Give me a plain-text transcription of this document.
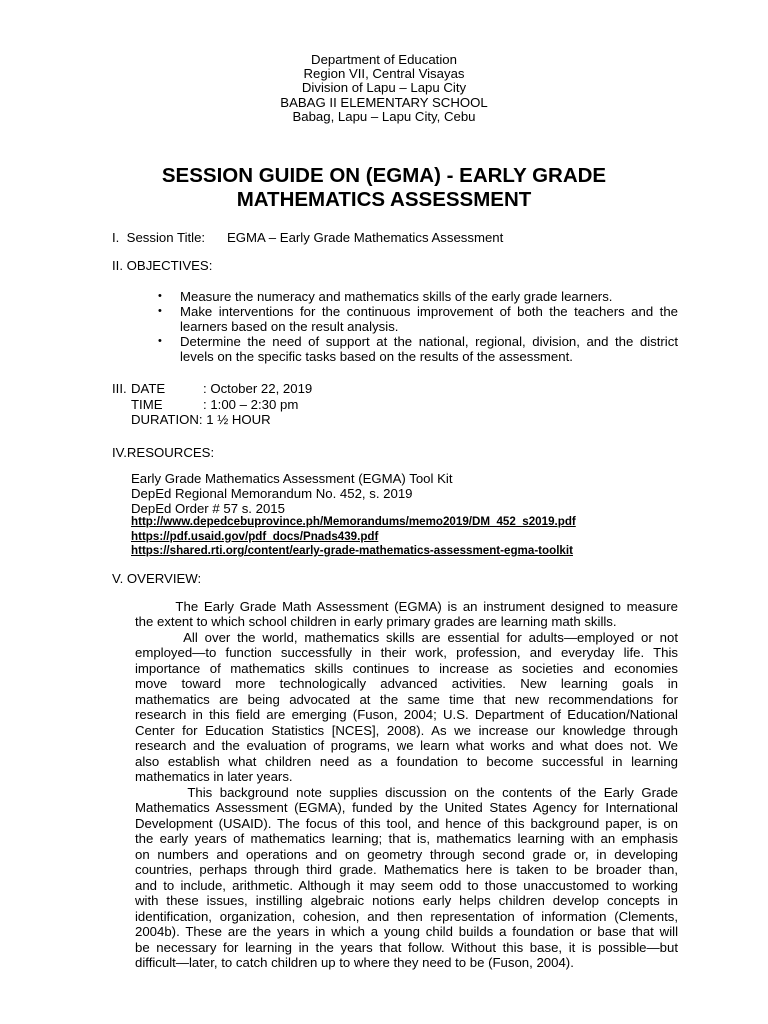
Department of Education
Region VII, Central Visayas
Division of Lapu – Lapu City
BABAG II ELEMENTARY SCHOOL
Babag, Lapu – Lapu City, Cebu
SESSION GUIDE ON (EGMA) - EARLY GRADE
MATHEMATICS ASSESSMENT
I.  Session Title: EGMA – Early Grade Mathematics Assessment
II. OBJECTIVES:
• Measure the numeracy and mathematics skills of the early grade learners.
• Make interventions for the continuous improvement of both the teachers and the
learners based on the result analysis.
• Determine the need of support at the national, regional, division, and the district
levels on the specific tasks based on the results of the assessment.
III. DATE	: October 22, 2019
TIME	: 1:00 – 2:30 pm
DURATION: 1 ½ HOUR
IV.RESOURCES:
Early Grade Mathematics Assessment (EGMA) Tool Kit
DepEd Regional Memorandum No. 452, s. 2019
DepEd Order # 57 s. 2015
http://www.depedcebuprovince.ph/Memorandums/memo2019/DM_452_s2019.pdf
https://pdf.usaid.gov/pdf_docs/Pnads439.pdf
https://shared.rti.org/content/early-grade-mathematics-assessment-egma-toolkit
V. OVERVIEW:
The Early Grade Math Assessment (EGMA) is an instrument designed to measure
the extent to which school children in early primary grades are learning math skills.
All over the world, mathematics skills are essential for adults—employed or not
employed—to function successfully in their work, profession, and everyday life. This
importance of mathematics skills continues to increase as societies and economies
move toward more technologically advanced activities. New learning goals in
mathematics are being advocated at the same time that new recommendations for
research in this field are emerging (Fuson, 2004; U.S. Department of Education/National
Center for Education Statistics [NCES], 2008). As we increase our knowledge through
research and the evaluation of programs, we learn what works and what does not. We
also establish what children need as a foundation to become successful in learning
mathematics in later years.
This background note supplies discussion on the contents of the Early Grade
Mathematics Assessment (EGMA), funded by the United States Agency for International
Development (USAID). The focus of this tool, and hence of this background paper, is on
the early years of mathematics learning; that is, mathematics learning with an emphasis
on numbers and operations and on geometry through second grade or, in developing
countries, perhaps through third grade. Mathematics here is taken to be broader than,
and to include, arithmetic. Although it may seem odd to those unaccustomed to working
with these issues, instilling algebraic notions early helps children develop concepts in
identification, organization, cohesion, and then representation of information (Clements,
2004b). These are the years in which a young child builds a foundation or base that will
be necessary for learning in the years that follow. Without this base, it is possible—but
difficult—later, to catch children up to where they need to be (Fuson, 2004).
